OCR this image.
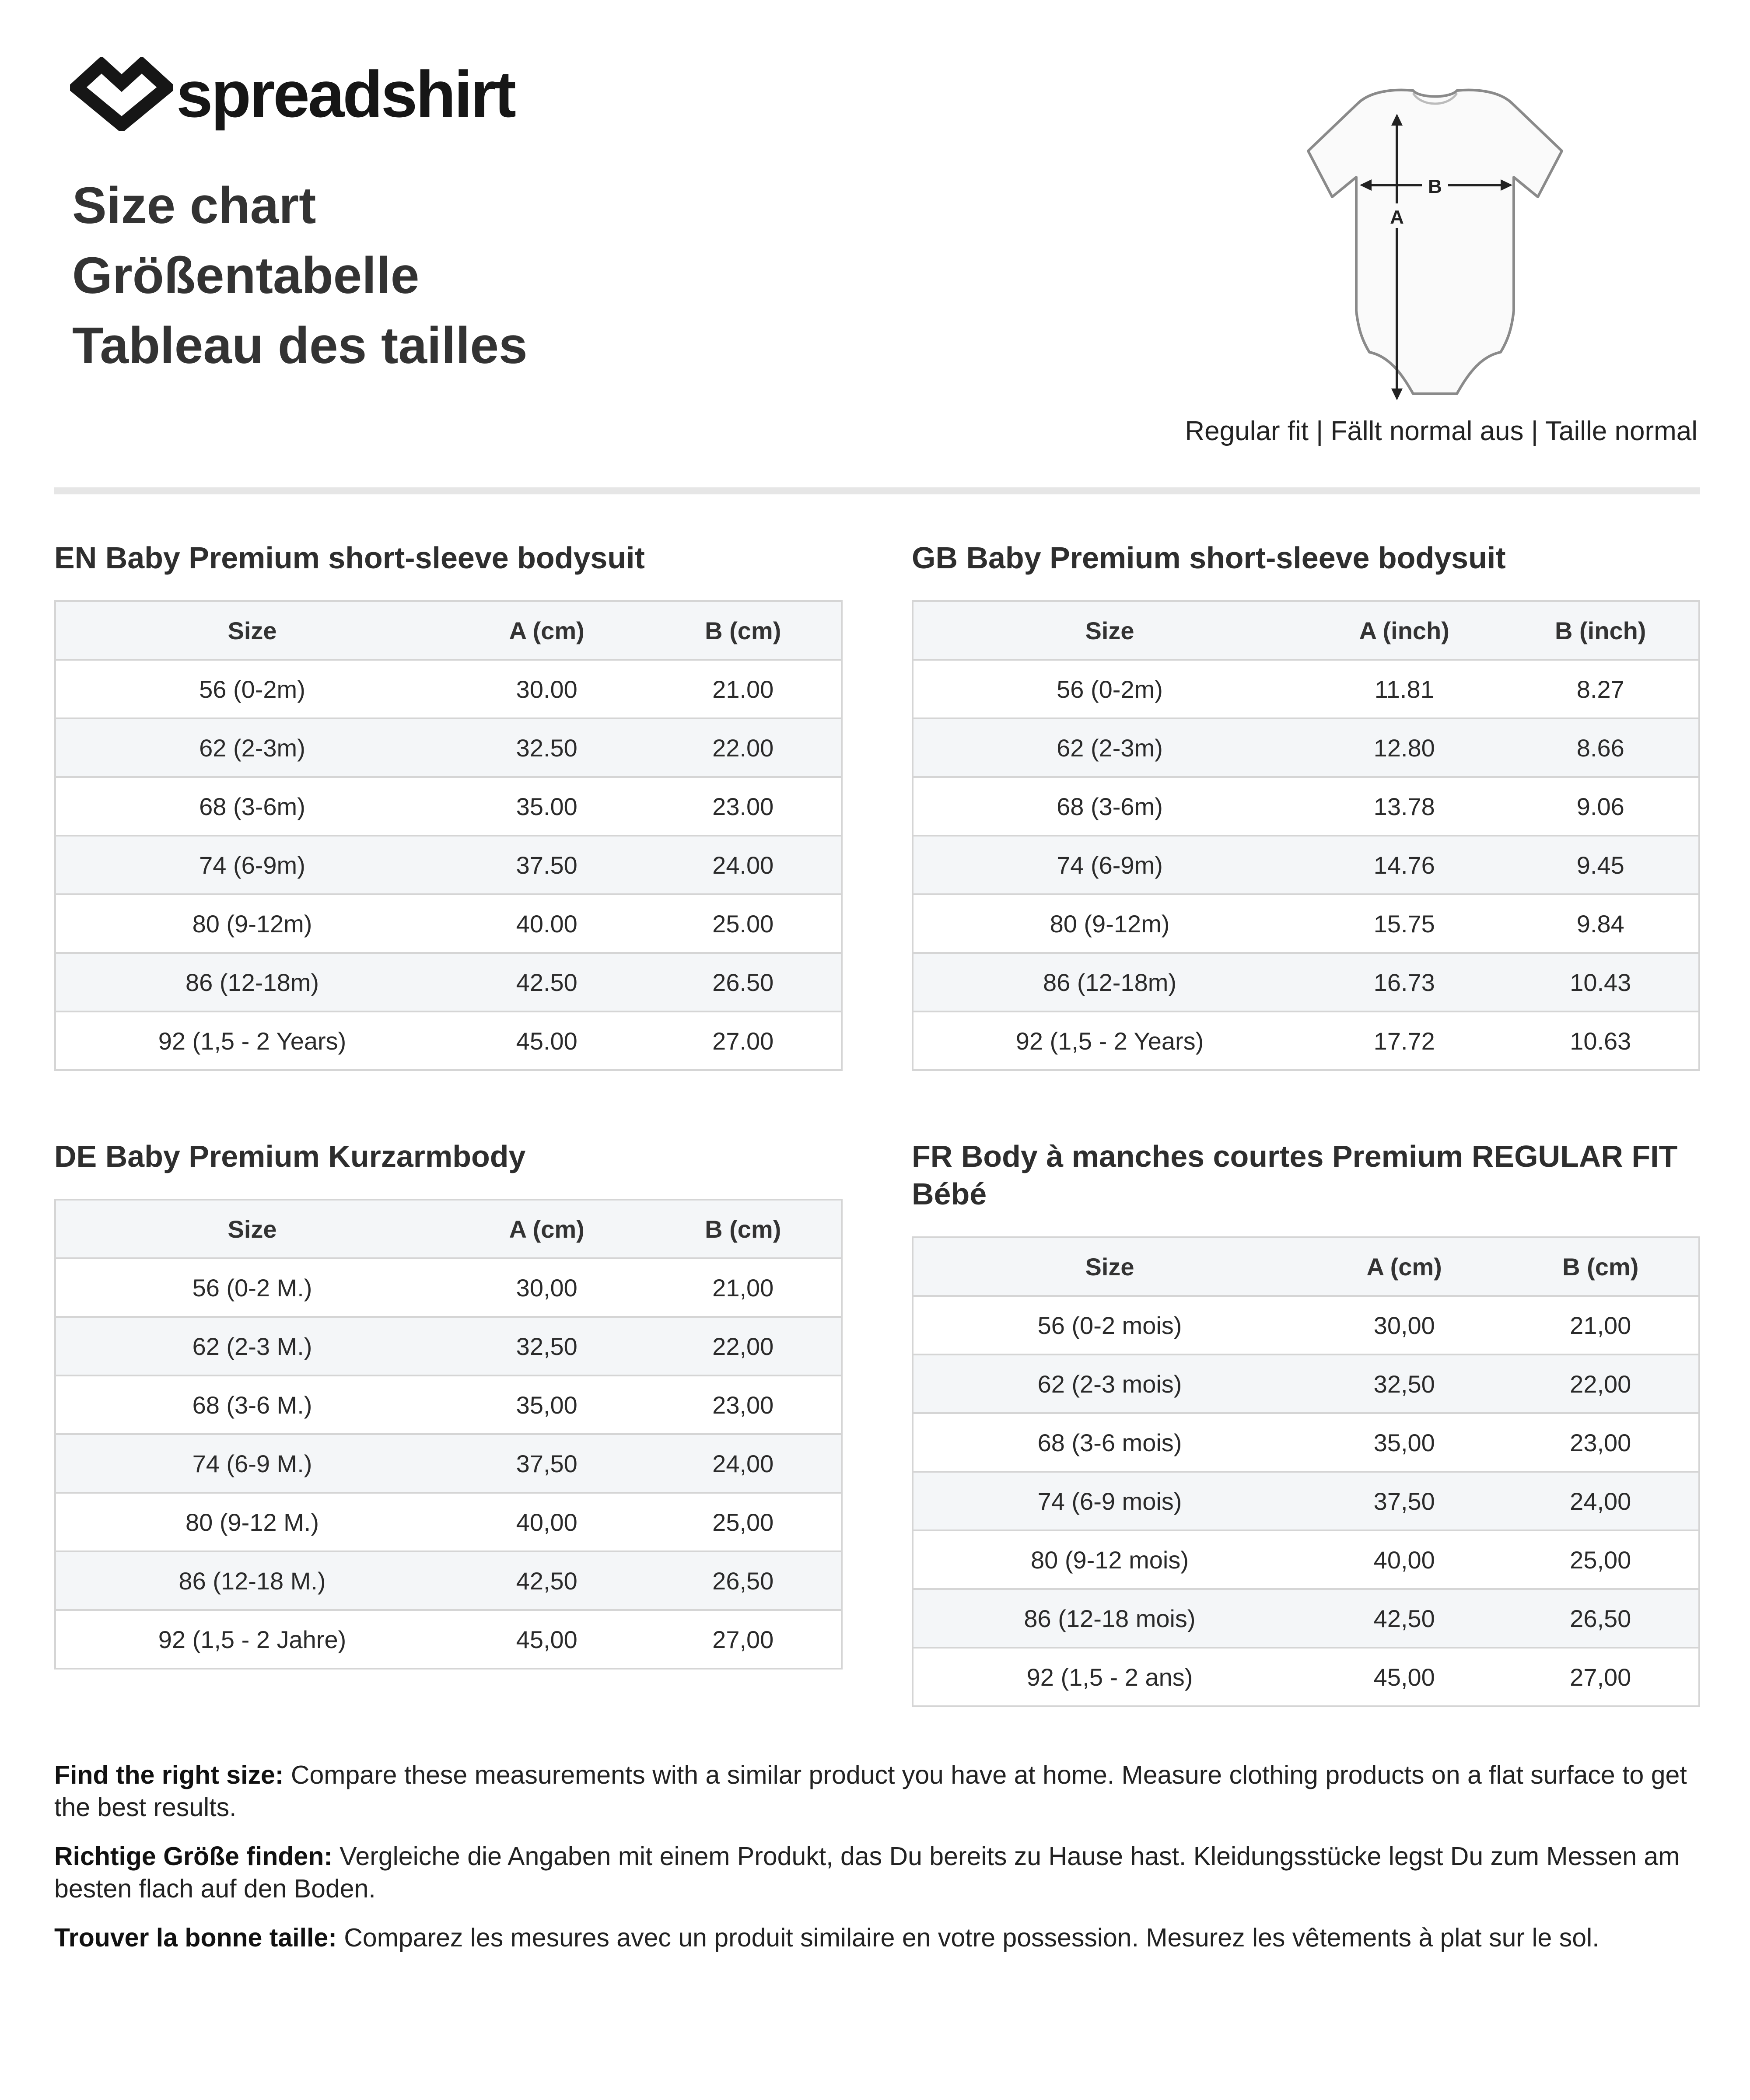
spreadshirt
Size chart
Größentabelle
Tableau des tailles
B
A
Regular fit | Fällt normal aus | Taille normal
EN Baby Premium short-sleeve bodysuit
Size	A (cm)	B (cm)
56 (0-2m)	30.00	21.00
62 (2-3m)	32.50	22.00
68 (3-6m)	35.00	23.00
74 (6-9m)	37.50	24.00
80 (9-12m)	40.00	25.00
86 (12-18m)	42.50	26.50
92 (1,5 - 2 Years)	45.00	27.00
GB Baby Premium short-sleeve bodysuit
Size	A (inch)	B (inch)
56 (0-2m)	11.81	8.27
62 (2-3m)	12.80	8.66
68 (3-6m)	13.78	9.06
74 (6-9m)	14.76	9.45
80 (9-12m)	15.75	9.84
86 (12-18m)	16.73	10.43
92 (1,5 - 2 Years)	17.72	10.63
DE Baby Premium Kurzarmbody
Size	A (cm)	B (cm)
56 (0-2 M.)	30,00	21,00
62 (2-3 M.)	32,50	22,00
68 (3-6 M.)	35,00	23,00
74 (6-9 M.)	37,50	24,00
80 (9-12 M.)	40,00	25,00
86 (12-18 M.)	42,50	26,50
92 (1,5 - 2 Jahre)	45,00	27,00
FR Body à manches courtes Premium REGULAR FIT Bébé
Size	A (cm)	B (cm)
56 (0-2 mois)	30,00	21,00
62 (2-3 mois)	32,50	22,00
68 (3-6 mois)	35,00	23,00
74 (6-9 mois)	37,50	24,00
80 (9-12 mois)	40,00	25,00
86 (12-18 mois)	42,50	26,50
92 (1,5 - 2 ans)	45,00	27,00

Find the right size: Compare these measurements with a similar product you have at home. Measure clothing products on a flat surface to get the best results.

Richtige Größe finden: Vergleiche die Angaben mit einem Produkt, das Du bereits zu Hause hast. Kleidungsstücke legst Du zum Messen am besten flach auf den Boden.

Trouver la bonne taille: Comparez les mesures avec un produit similaire en votre possession. Mesurez les vêtements à plat sur le sol.
